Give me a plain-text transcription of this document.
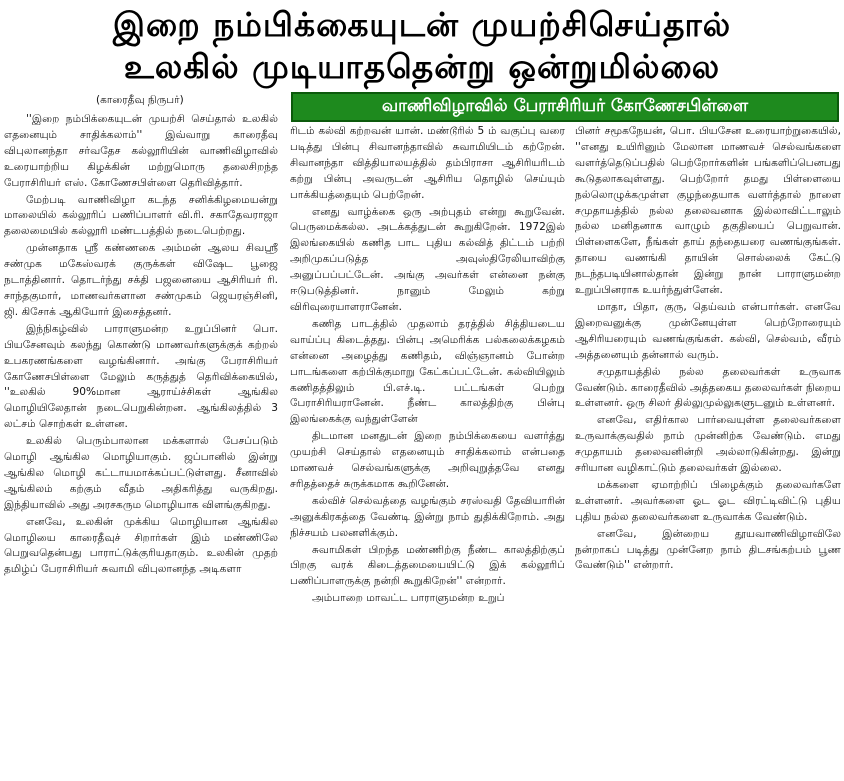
இறை நம்பிக்கையுடன் முயற்சிசெய்தால்
உலகில் முடியாததென்று ஒன்றுமில்லை
(காரைதீவு நிருபர்)	வாணிவிழாவில் பேராசிரியர் கோணேசபிள்ளை

''இறை நம்பிக்கையுடன் முயற்சி செய்தால் உலகில் எதனையும் சாதிக்கலாம்'' இவ்வாறு காரைதீவு விபுலானந்தா சர்வதேச கல்லூரியின் வாணிவிழாவில் உரையாற்றிய கிழக்கின் மற்றுமொரு தலைசிறந்த பேராசிரியர் எஸ். கோணேசபிள்ளை தெரிவித்தார்.

மேற்படி வாணிவிழா கடந்த சனிக்கிழமையன்று மாலையில் கல்லூரிப் பணிப்பாளர் வி.ரி. சகாதேவராஜா தலைமையில் கல்லூரி மண்டபத்தில் நடைபெற்றது.

முன்னதாக ஸ்ரீ கண்ணகை அம்மன் ஆலய சிவஸ்ரீ சண்முக மகேஸ்வரக் குருக்கள் விஷேட பூஜை நடாத்தினார். தொடர்ந்து சக்தி பஜனையை ஆசிரியர் ரி. சாந்தகுமார், மாணவர்களான சண்முகம் ஜெயரஞ்சினி, ஜி. கிசோக் ஆகியோர் இசைத்தனர்.

இந்நிகழ்வில் பாராளுமன்ற உறுப்பினர் பொ. பியசேனவும் கலந்து கொண்டு மாணவர்களுக்குக் கற்றல் உபகரணங்களை வழங்கினார். அங்கு பேராசிரியர் கோணேசபிள்ளை மேலும் கருத்துத் தெரிவிக்கையில், ''உலகில் 90%மான ஆராய்ச்சிகள் ஆங்கில மொழியிலேதான் நடைபெறுகின்றன. ஆங்கிலத்தில் 3 லட்சம் சொற்கள் உள்ளன.

உலகில் பெரும்பாலான மக்களால் பேசப்படும் மொழி ஆங்கில மொழியாகும். ஜப்பானில் இன்று ஆங்கில மொழி கட்டாயமாக்கப்பட்டுள்ளது. சீனாவில் ஆங்கிலம் கற்கும் வீதம் அதிகரித்து வருகிறது. இந்தியாவில் அது அரசகரும மொழியாக விளங்குகிறது.

எனவே, உலகின் முக்கிய மொழியான ஆங்கில மொழியை காரைதீவுச் சிறார்கள் இம் மண்ணிலே பெறுவதென்பது பாராட்டுக்குரியதாகும். உலகின் முதற் தமிழ்ப் பேராசிரியர் சுவாமி விபுலானந்த அடிகளா

ரிடம் கல்வி கற்றவன் யான். மண்டூரில் 5 ம் வகுப்பு வரை படித்து பின்பு சிவானந்தாவில் சுவாமியிடம் கற்றேன். சிவானந்தா வித்தியாலயத்தில் தம்பிராசா ஆசிரியரிடம் கற்று பின்பு அவருடன் ஆசிரிய தொழில் செய்யும் பாக்கியத்தையும் பெற்றேன்.

எனது வாழ்க்கை ஒரு அற்புதம் என்று கூறுவேன். பெருமைக்கல்ல. அடக்கத்துடன் கூறுகிறேன். 1972இல் இலங்கையில் கணித பாட புதிய கல்வித் திட்டம் பற்றி அறிமுகப்படுத்த அவுஸ்திரேலியாவிற்கு அனுப்பப்பட்டேன். அங்கு அவர்கள் என்னை நன்கு ஈடுபடுத்தினர். நானும் மேலும் கற்று விரிவுரையாளரானேன்.

கணித பாடத்தில் முதலாம் தரத்தில் சித்தியடைய வாய்ப்பு கிடைத்தது. பின்பு அமெரிக்க பல்கலைக்கழகம் என்னை அழைத்து கணிதம், விஞ்ஞானம் போன்ற பாடங்களை கற்பிக்குமாறு கேட்கப்பட்டேன். கல்வியிலும் கணிதத்திலும் பி.எச்.டி. பட்டங்கள் பெற்று பேராசிரியரானேன். நீண்ட காலத்திற்கு பின்பு இலங்கைக்கு வந்துள்ளேன்

திடமான மனதுடன் இறை நம்பிக்கையை வளர்த்து முயற்சி செய்தால் எதனையும் சாதிக்கலாம் என்பதை மாணவச் செல்வங்களுக்கு அறிவுறுத்தவே எனது சரிதத்தைச் சுருக்கமாக கூறினேன்.

கல்விச் செல்வத்தை வழங்கும் சரஸ்வதி தேவியாரின் அனுக்கிரகத்தை வேண்டி இன்று நாம் துதிக்கிறோம். அது நிச்சயம் பலனளிக்கும்.

சுவாமிகள் பிறந்த மண்ணிற்கு நீண்ட காலத்திற்குப் பிறகு வரக் கிடைத்தமையையிட்டு இக் கல்லூரிப் பணிப்பாளருக்கு நன்றி கூறுகிறேன்'' என்றார்.

அம்பாறை மாவட்ட பாராளுமன்ற உறுப்

பினர் சமூகநேயன், பொ. பியசேன உரையாற்றுகையில், ''எனது உயிரினும் மேலான மாணவச் செல்வங்களை வளர்த்தெடுப்பதில் பெற்றோர்களின் பங்களிப்பெனபது கூடுதலாகவுள்ளது. பெற்றோர் தமது பிள்ளையை நல்லொழுக்கமுள்ள குழந்தையாக வளர்த்தால் நாளை சமுதாயத்தில் நல்ல தலைவனாக இல்லாவிட்டாலும் நல்ல மனிதனாக வாழும் தகுதியைப் பெறுவான். பிள்ளைகளே, நீங்கள் தாய் தந்தையரை வணங்குங்கள். தாயை வணங்கி தாயின் சொல்லைக் கேட்டு நடந்தபடியினால்தான் இன்று நான் பாராளுமன்ற உறுப்பினராக உயர்ந்துள்ளேன்.

மாதா, பிதா, குரு, தெய்வம் என்பார்கள். எனவே இறைவனுக்கு முன்னேயுள்ள பெற்றோரையும் ஆசிரியரையும் வணங்குங்கள். கல்வி, செல்வம், வீரம் அத்தனையும் தன்னால் வரும்.

சமுதாயத்தில் நல்ல தலைவர்கள் உருவாக வேண்டும். காரைதீவில் அத்தகைய தலைவர்கள் நிறைய உள்ளனர். ஒரு சிலர் தில்லுமுல்லுகளுடனும் உள்ளனர்.

எனவே, எதிர்கால பார்வையுள்ள தலைவர்களை உருவாக்குவதில் நாம் முன்னிற்க வேண்டும். எமது சமுதாயம் தலைவனின்றி அல்லாடுகின்றது. இன்று சரியான வழிகாட்டும் தலைவர்கள் இல்லை.

மக்களை ஏமாற்றிப் பிழைக்கும் தலைவர்களே உள்ளனர். அவர்களை ஓட ஓட விரட்டிவிட்டு புதிய புதிய நல்ல தலைவர்களை உருவாக்க வேண்டும்.

எனவே, இன்றைய தூயவாணிவிழாவிலே நன்றாகப் படித்து முன்னேற நாம் திடசங்கற்பம் பூண வேண்டும்'' என்றார்.
